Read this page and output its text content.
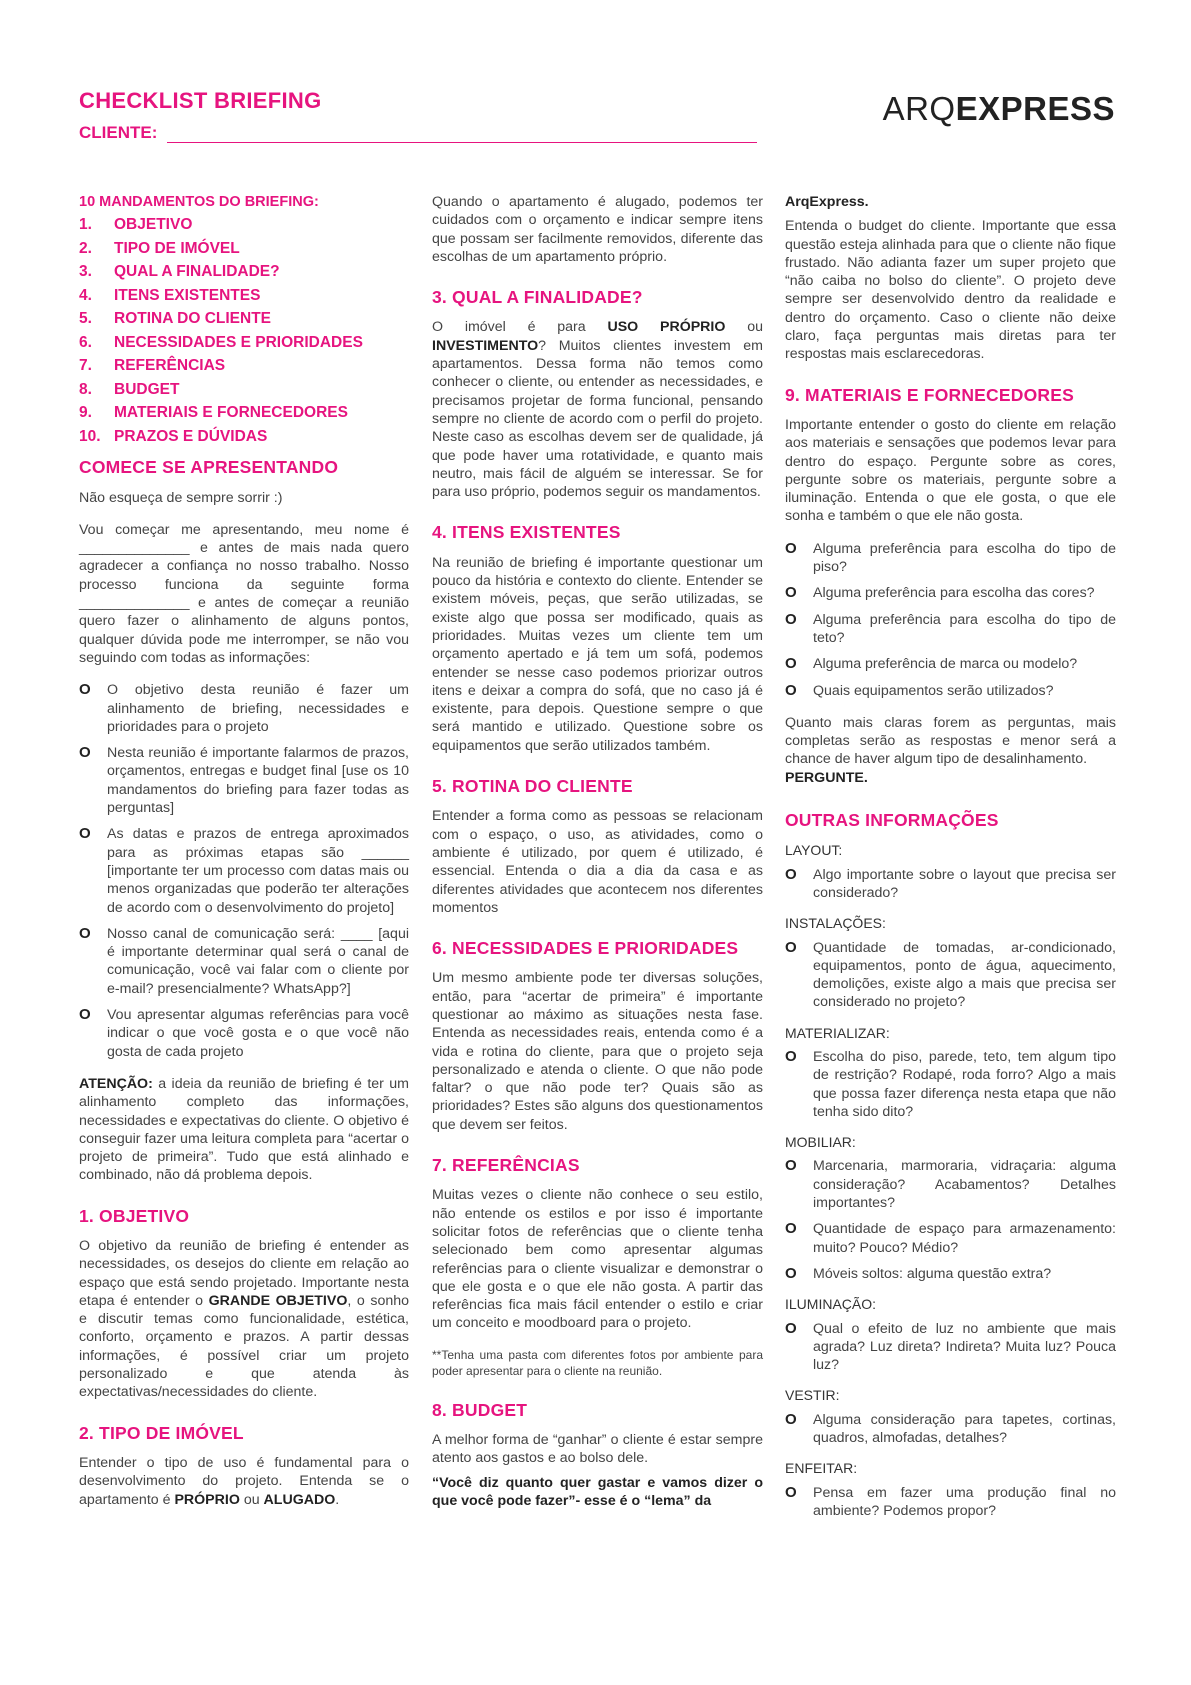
CHECKLIST BRIEFING
CLIENTE:
ARQEXPRESS
10 MANDAMENTOS DO BRIEFING:
1.	OBJETIVO
2.	TIPO DE IMÓVEL
3.	QUAL A FINALIDADE?
4.	ITENS EXISTENTES
5.	ROTINA DO CLIENTE
6.	NECESSIDADES E PRIORIDADES
7.	REFERÊNCIAS
8.	BUDGET
9.	MATERIAIS E FORNECEDORES
10. PRAZOS E DÚVIDAS
COMECE SE APRESENTANDO

Não esqueça de sempre sorrir :)

Vou começar me apresentando, meu nome é ______________ e antes de mais nada quero agradecer a confiança no nosso trabalho. Nosso processo funciona da seguinte forma ______________ e antes de começar a reunião quero fazer o alinhamento de alguns pontos, qualquer dúvida pode me interromper, se não vou seguindo com todas as informações:

O	O objetivo desta reunião é fazer um alinhamento de briefing, necessidades e prioridades para o projeto
O	Nesta reunião é importante falarmos de prazos, orçamentos, entregas e budget final [use os 10 mandamentos do briefing para fazer todas as perguntas]
O	As datas e prazos de entrega aproximados para as próximas etapas são ______ [importante ter um processo com datas mais ou menos organizadas que poderão ter alterações de acordo com o desenvolvimento do projeto]
O	Nosso canal de comunicação será: ____ [aqui é importante determinar qual será o canal de comunicação, você vai falar com o cliente por e-mail? presencialmente? WhatsApp?]
O	Vou apresentar algumas referências para você indicar o que você gosta e o que você não gosta de cada projeto

ATENÇÃO: a ideia da reunião de briefing é ter um alinhamento completo das informações, necessidades e expectativas do cliente. O objetivo é conseguir fazer uma leitura completa para “acertar o projeto de primeira”. Tudo que está alinhado e combinado, não dá problema depois.

1. OBJETIVO

O objetivo da reunião de briefing é entender as necessidades, os desejos do cliente em relação ao espaço que está sendo projetado. Importante nesta etapa é entender o GRANDE OBJETIVO, o sonho e discutir temas como funcionalidade, estética, conforto, orçamento e prazos. A partir dessas informações, é possível criar um projeto personalizado e que atenda às expectativas/necessidades do cliente.

2. TIPO DE IMÓVEL

Entender o tipo de uso é fundamental para o desenvolvimento do projeto. Entenda se o apartamento é PRÓPRIO ou ALUGADO.

Quando o apartamento é alugado, podemos ter cuidados com o orçamento e indicar sempre itens que possam ser facilmente removidos, diferente das escolhas de um apartamento próprio.

3. QUAL A FINALIDADE?

O imóvel é para USO PRÓPRIO ou INVESTIMENTO? Muitos clientes investem em apartamentos. Dessa forma não temos como conhecer o cliente, ou entender as necessidades, e precisamos projetar de forma funcional, pensando sempre no cliente de acordo com o perfil do projeto. Neste caso as escolhas devem ser de qualidade, já que pode haver uma rotatividade, e quanto mais neutro, mais fácil de alguém se interessar. Se for para uso próprio, podemos seguir os mandamentos.

4. ITENS EXISTENTES

Na reunião de briefing é importante questionar um pouco da história e contexto do cliente. Entender se existem móveis, peças, que serão utilizadas, se existe algo que possa ser modificado, quais as prioridades. Muitas vezes um cliente tem um orçamento apertado e já tem um sofá, podemos entender se nesse caso podemos priorizar outros itens e deixar a compra do sofá, que no caso já é existente, para depois. Questione sempre o que será mantido e utilizado. Questione sobre os equipamentos que serão utilizados também.

5. ROTINA DO CLIENTE

Entender a forma como as pessoas se relacionam com o espaço, o uso, as atividades, como o ambiente é utilizado, por quem é utilizado, é essencial. Entenda o dia a dia da casa e as diferentes atividades que acontecem nos diferentes momentos

6. NECESSIDADES E PRIORIDADES

Um mesmo ambiente pode ter diversas soluções, então, para “acertar de primeira” é importante questionar ao máximo as situações nesta fase. Entenda as necessidades reais, entenda como é a vida e rotina do cliente, para que o projeto seja personalizado e atenda o cliente. O que não pode faltar? o que não pode ter? Quais são as prioridades? Estes são alguns dos questionamentos que devem ser feitos.

7. REFERÊNCIAS

Muitas vezes o cliente não conhece o seu estilo, não entende os estilos e por isso é importante solicitar fotos de referências que o cliente tenha selecionado bem como apresentar algumas referências para o cliente visualizar e demonstrar o que ele gosta e o que ele não gosta. A partir das referências fica mais fácil entender o estilo e criar um conceito e moodboard para o projeto.

**Tenha uma pasta com diferentes fotos por ambiente para poder apresentar para o cliente na reunião.

8. BUDGET

A melhor forma de “ganhar” o cliente é estar sempre atento aos gastos e ao bolso dele.

“Você diz quanto quer gastar e vamos dizer o que você pode fazer”- esse é o “lema” da

ArqExpress.

Entenda o budget do cliente. Importante que essa questão esteja alinhada para que o cliente não fique frustado. Não adianta fazer um super projeto que “não caiba no bolso do cliente”. O projeto deve sempre ser desenvolvido dentro da realidade e dentro do orçamento. Caso o cliente não deixe claro, faça perguntas mais diretas para ter respostas mais esclarecedoras.

9. MATERIAIS E FORNECEDORES

Importante entender o gosto do cliente em relação aos materiais e sensações que podemos levar para dentro do espaço. Pergunte sobre as cores, pergunte sobre os materiais, pergunte sobre a iluminação. Entenda o que ele gosta, o que ele sonha e também o que ele não gosta.

O	Alguma preferência para escolha do tipo de piso?
O	Alguma preferência para escolha das cores?
O	Alguma preferência para escolha do tipo de teto?
O	Alguma preferência de marca ou modelo?
O	Quais equipamentos serão utilizados?

Quanto mais claras forem as perguntas, mais completas serão as respostas e menor será a chance de haver algum tipo de desalinhamento.
PERGUNTE.

OUTRAS INFORMAÇÕES
LAYOUT:
O	Algo importante sobre o layout que precisa ser considerado?
INSTALAÇÕES:
O	Quantidade de tomadas, ar-condicionado, equipamentos, ponto de água, aquecimento, demolições, existe algo a mais que precisa ser considerado no projeto?
MATERIALIZAR:
O	Escolha do piso, parede, teto, tem algum tipo de restrição? Rodapé, roda forro? Algo a mais que possa fazer diferença nesta etapa que não tenha sido dito?
MOBILIAR:
O	Marcenaria, marmoraria, vidraçaria: alguma consideração? Acabamentos? Detalhes importantes?
O	Quantidade de espaço para armazenamento: muito? Pouco? Médio?
O	Móveis soltos: alguma questão extra?
ILUMINAÇÃO:
O	Qual o efeito de luz no ambiente que mais agrada? Luz direta? Indireta? Muita luz? Pouca luz?
VESTIR:
O	Alguma consideração para tapetes, cortinas, quadros, almofadas, detalhes?
ENFEITAR:
O	Pensa em fazer uma produção final no ambiente? Podemos propor?
